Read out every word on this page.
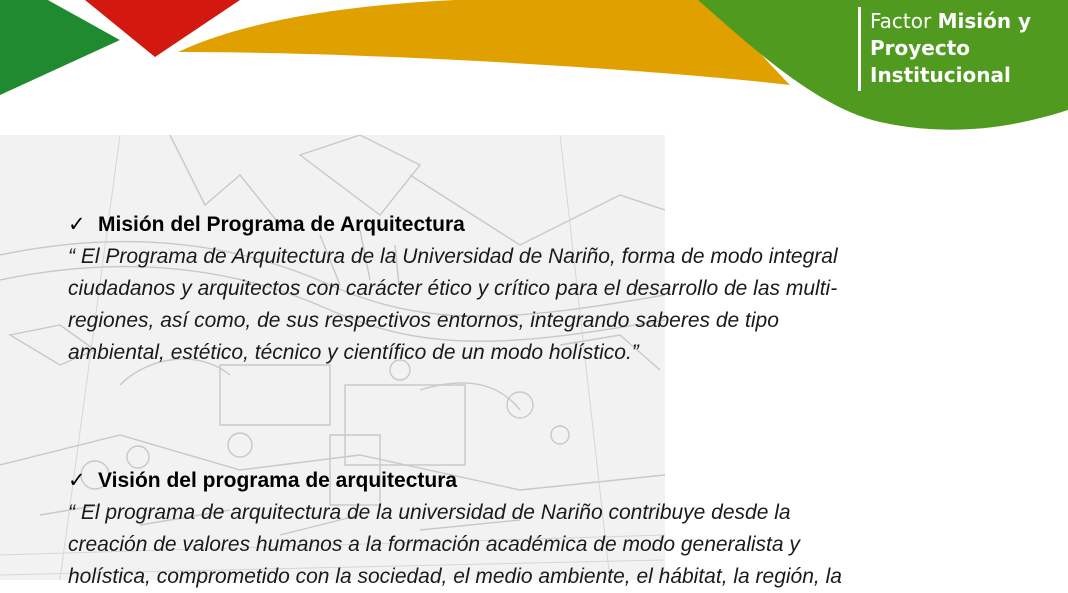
Factor Misión y
Proyecto
Institucional
✓ Misión del Programa de Arquitectura
“ El Programa de Arquitectura de la Universidad de Nariño, forma de modo integral
ciudadanos y arquitectos con carácter ético y crítico para el desarrollo de las multi-
regiones, así como, de sus respectivos entornos, integrando saberes de tipo
ambiental, estético, técnico y científico de un modo holístico.”
✓ Visión del programa de arquitectura
“ El programa de arquitectura de la universidad de Nariño contribuye desde la
creación de valores humanos a la formación académica de modo generalista y
holística, comprometido con la sociedad, el medio ambiente, el hábitat, la región, la
